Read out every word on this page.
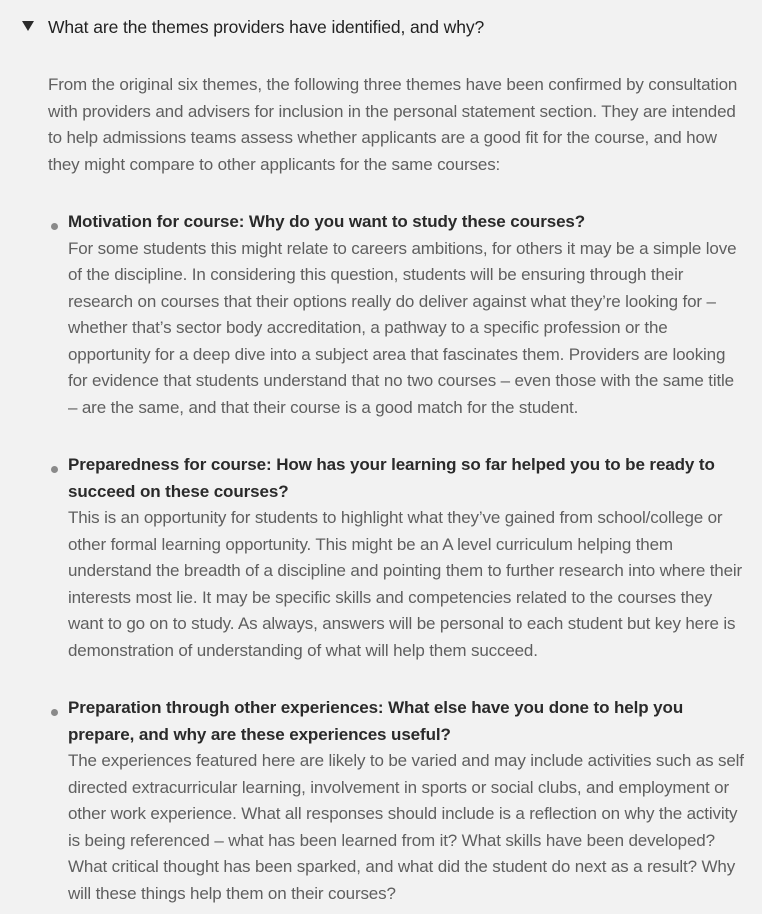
What are the themes providers have identified, and why?

From the original six themes, the following three themes have been confirmed by consultation with providers and advisers for inclusion in the personal statement section. They are intended to help admissions teams assess whether applicants are a good fit for the course, and how they might compare to other applicants for the same courses:

Motivation for course: Why do you want to study these courses?
For some students this might relate to careers ambitions, for others it may be a simple love of the discipline. In considering this question, students will be ensuring through their research on courses that their options really do deliver against what they’re looking for – whether that’s sector body accreditation, a pathway to a specific profession or the opportunity for a deep dive into a subject area that fascinates them. Providers are looking for evidence that students understand that no two courses – even those with the same title – are the same, and that their course is a good match for the student.
Preparedness for course: How has your learning so far helped you to be ready to succeed on these courses?
This is an opportunity for students to highlight what they’ve gained from school/college or other formal learning opportunity. This might be an A level curriculum helping them understand the breadth of a discipline and pointing them to further research into where their interests most lie. It may be specific skills and competencies related to the courses they want to go on to study. As always, answers will be personal to each student but key here is demonstration of understanding of what will help them succeed.
Preparation through other experiences: What else have you done to help you prepare, and why are these experiences useful?
The experiences featured here are likely to be varied and may include activities such as self directed extracurricular learning, involvement in sports or social clubs, and employment or other work experience. What all responses should include is a reflection on why the activity is being referenced – what has been learned from it? What skills have been developed? What critical thought has been sparked, and what did the student do next as a result? Why will these things help them on their courses?
